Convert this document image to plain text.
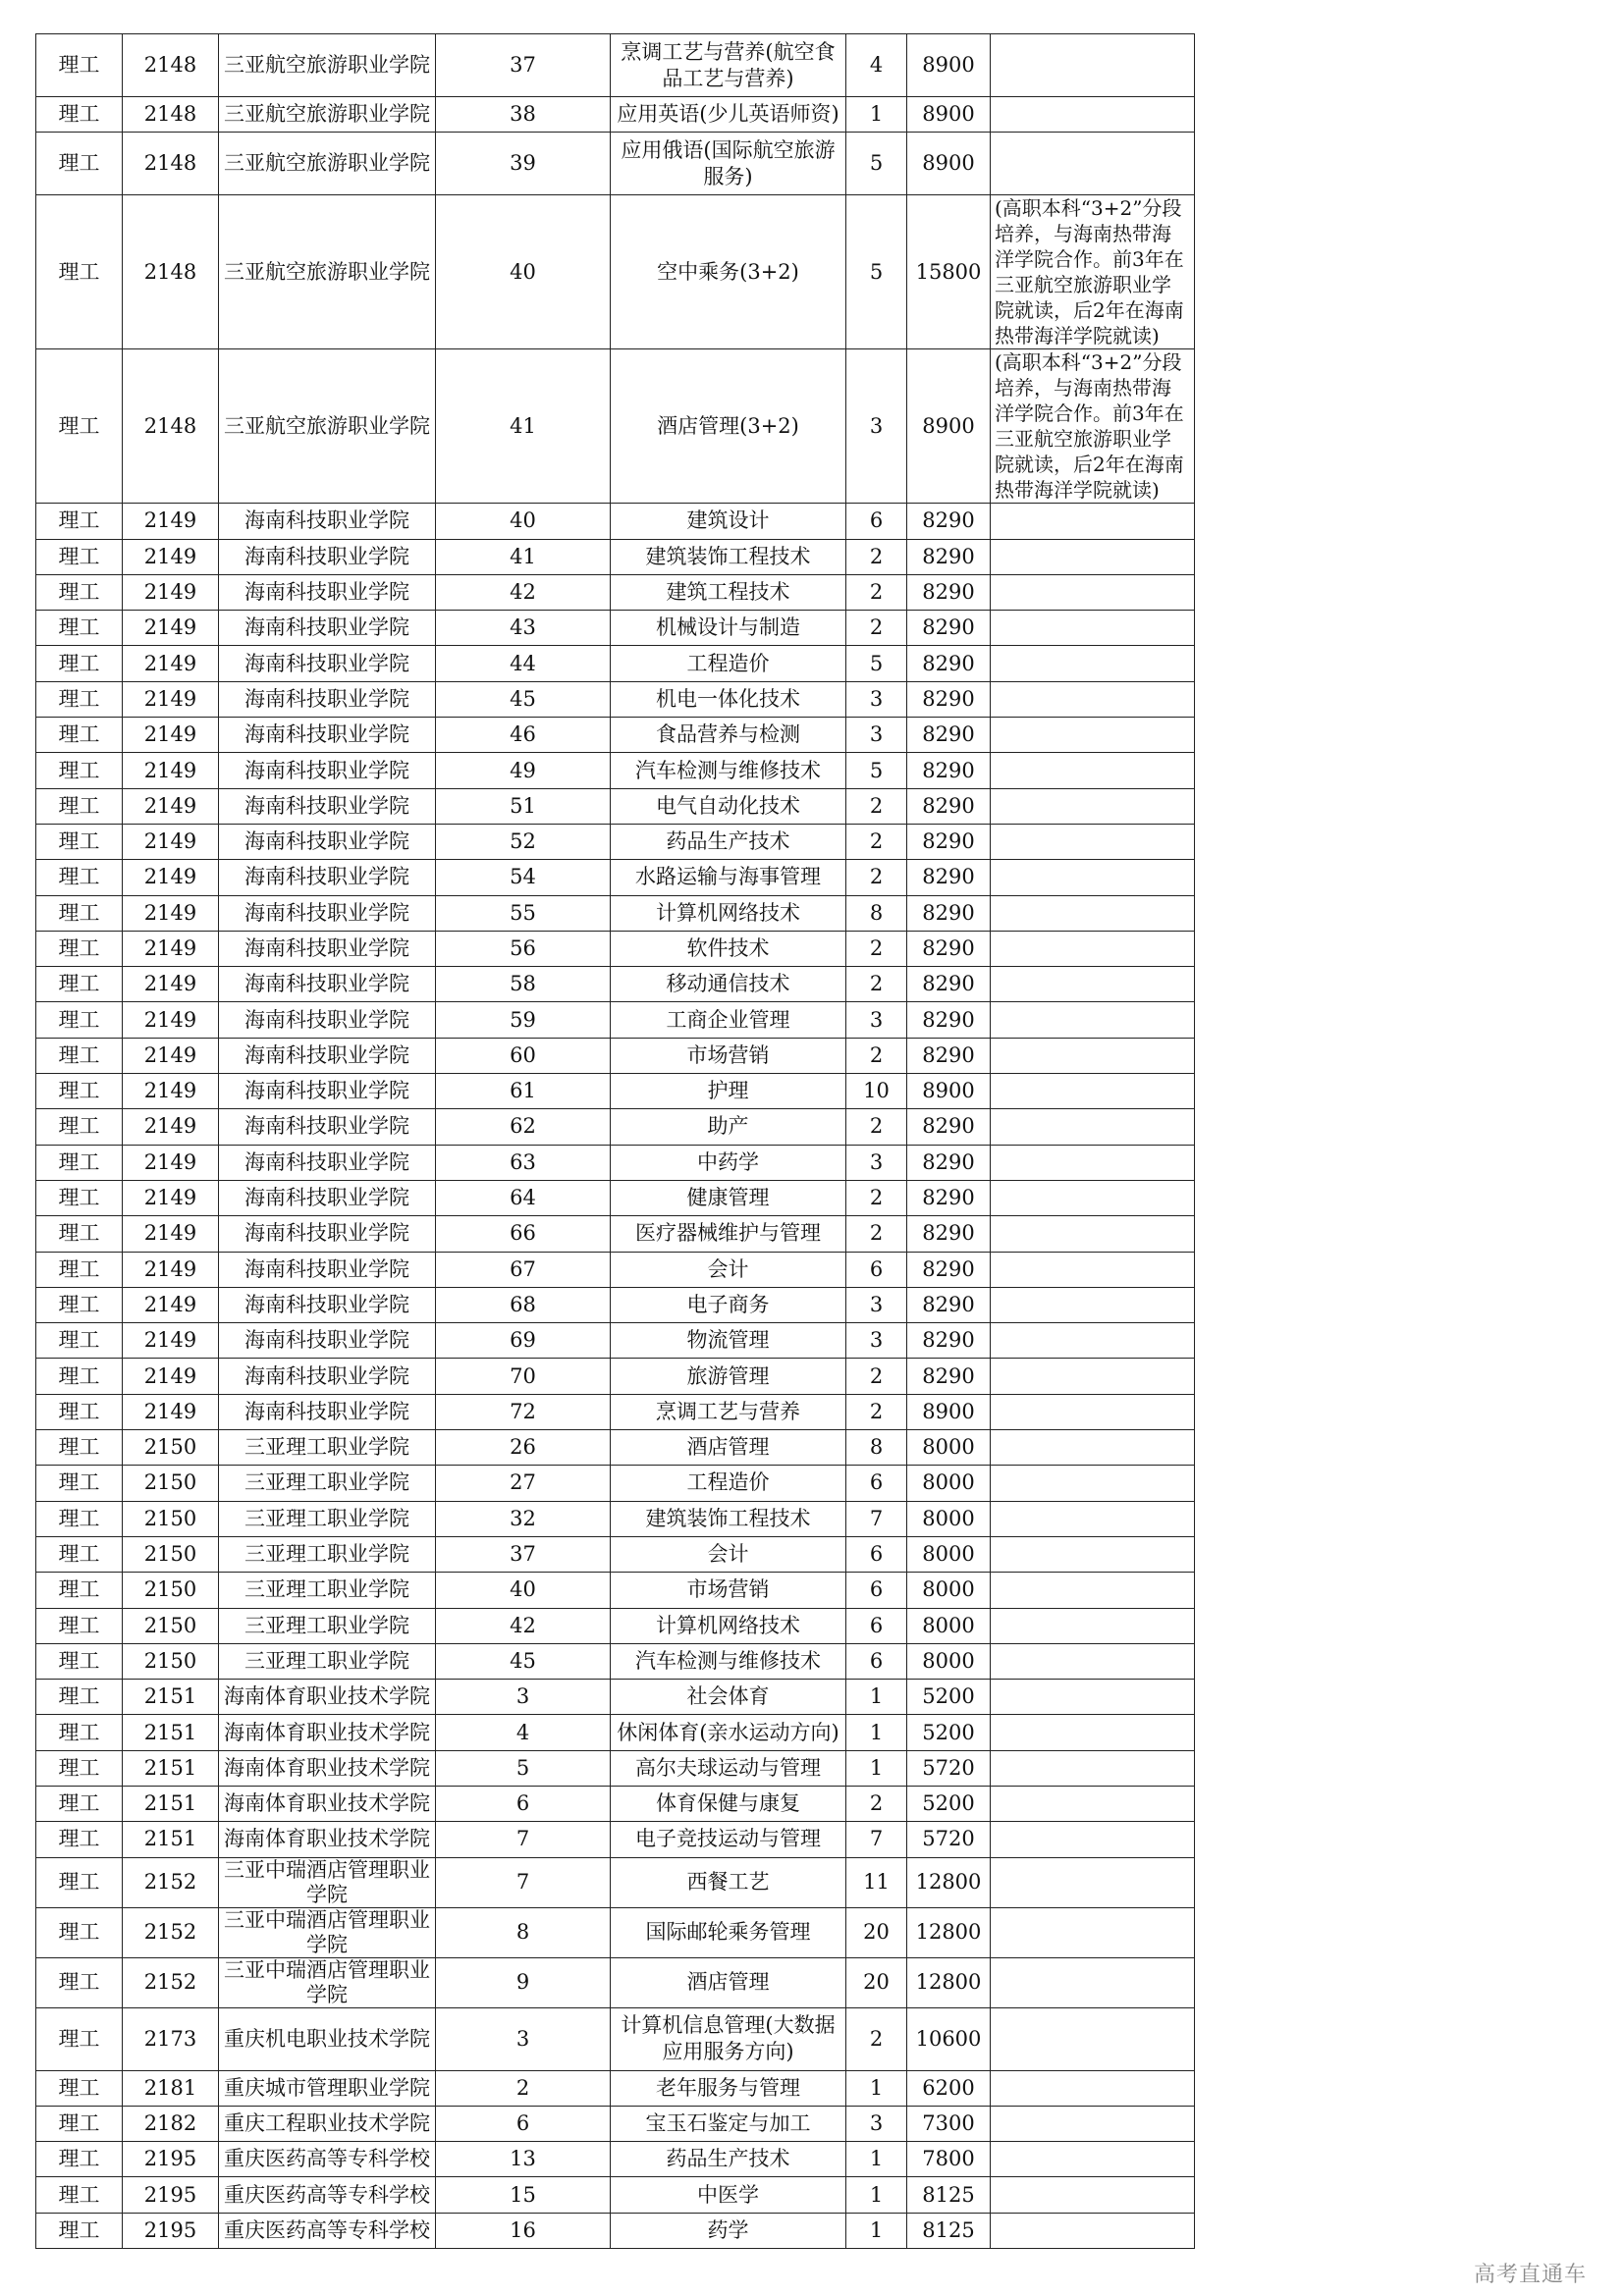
理工	2148	三亚航空旅游职业学院	37	烹调工艺与营养(航空食品工艺与营养)	4	8900	
理工	2148	三亚航空旅游职业学院	38	应用英语(少儿英语师资)	1	8900	
理工	2148	三亚航空旅游职业学院	39	应用俄语(国际航空旅游服务)	5	8900	
理工	2148	三亚航空旅游职业学院	40	空中乘务(3+2)	5	15800	(高职本科“3+2”分段培养，与海南热带海洋学院合作。前3年在三亚航空旅游职业学院就读，后2年在海南热带海洋学院就读)
理工	2148	三亚航空旅游职业学院	41	酒店管理(3+2)	3	8900	(高职本科“3+2”分段培养，与海南热带海洋学院合作。前3年在三亚航空旅游职业学院就读，后2年在海南热带海洋学院就读)
理工	2149	海南科技职业学院	40	建筑设计	6	8290	
理工	2149	海南科技职业学院	41	建筑装饰工程技术	2	8290	
理工	2149	海南科技职业学院	42	建筑工程技术	2	8290	
理工	2149	海南科技职业学院	43	机械设计与制造	2	8290	
理工	2149	海南科技职业学院	44	工程造价	5	8290	
理工	2149	海南科技职业学院	45	机电一体化技术	3	8290	
理工	2149	海南科技职业学院	46	食品营养与检测	3	8290	
理工	2149	海南科技职业学院	49	汽车检测与维修技术	5	8290	
理工	2149	海南科技职业学院	51	电气自动化技术	2	8290	
理工	2149	海南科技职业学院	52	药品生产技术	2	8290	
理工	2149	海南科技职业学院	54	水路运输与海事管理	2	8290	
理工	2149	海南科技职业学院	55	计算机网络技术	8	8290	
理工	2149	海南科技职业学院	56	软件技术	2	8290	
理工	2149	海南科技职业学院	58	移动通信技术	2	8290	
理工	2149	海南科技职业学院	59	工商企业管理	3	8290	
理工	2149	海南科技职业学院	60	市场营销	2	8290	
理工	2149	海南科技职业学院	61	护理	10	8900	
理工	2149	海南科技职业学院	62	助产	2	8290	
理工	2149	海南科技职业学院	63	中药学	3	8290	
理工	2149	海南科技职业学院	64	健康管理	2	8290	
理工	2149	海南科技职业学院	66	医疗器械维护与管理	2	8290	
理工	2149	海南科技职业学院	67	会计	6	8290	
理工	2149	海南科技职业学院	68	电子商务	3	8290	
理工	2149	海南科技职业学院	69	物流管理	3	8290	
理工	2149	海南科技职业学院	70	旅游管理	2	8290	
理工	2149	海南科技职业学院	72	烹调工艺与营养	2	8900	
理工	2150	三亚理工职业学院	26	酒店管理	8	8000	
理工	2150	三亚理工职业学院	27	工程造价	6	8000	
理工	2150	三亚理工职业学院	32	建筑装饰工程技术	7	8000	
理工	2150	三亚理工职业学院	37	会计	6	8000	
理工	2150	三亚理工职业学院	40	市场营销	6	8000	
理工	2150	三亚理工职业学院	42	计算机网络技术	6	8000	
理工	2150	三亚理工职业学院	45	汽车检测与维修技术	6	8000	
理工	2151	海南体育职业技术学院	3	社会体育	1	5200	
理工	2151	海南体育职业技术学院	4	休闲体育(亲水运动方向)	1	5200	
理工	2151	海南体育职业技术学院	5	高尔夫球运动与管理	1	5720	
理工	2151	海南体育职业技术学院	6	体育保健与康复	2	5200	
理工	2151	海南体育职业技术学院	7	电子竞技运动与管理	7	5720	
理工	2152	三亚中瑞酒店管理职业学院	7	西餐工艺	11	12800	
理工	2152	三亚中瑞酒店管理职业学院	8	国际邮轮乘务管理	20	12800	
理工	2152	三亚中瑞酒店管理职业学院	9	酒店管理	20	12800	
理工	2173	重庆机电职业技术学院	3	计算机信息管理(大数据应用服务方向)	2	10600	
理工	2181	重庆城市管理职业学院	2	老年服务与管理	1	6200	
理工	2182	重庆工程职业技术学院	6	宝玉石鉴定与加工	3	7300	
理工	2195	重庆医药高等专科学校	13	药品生产技术	1	7800	
理工	2195	重庆医药高等专科学校	15	中医学	1	8125	
理工	2195	重庆医药高等专科学校	16	药学	1	8125	
高考直通车
